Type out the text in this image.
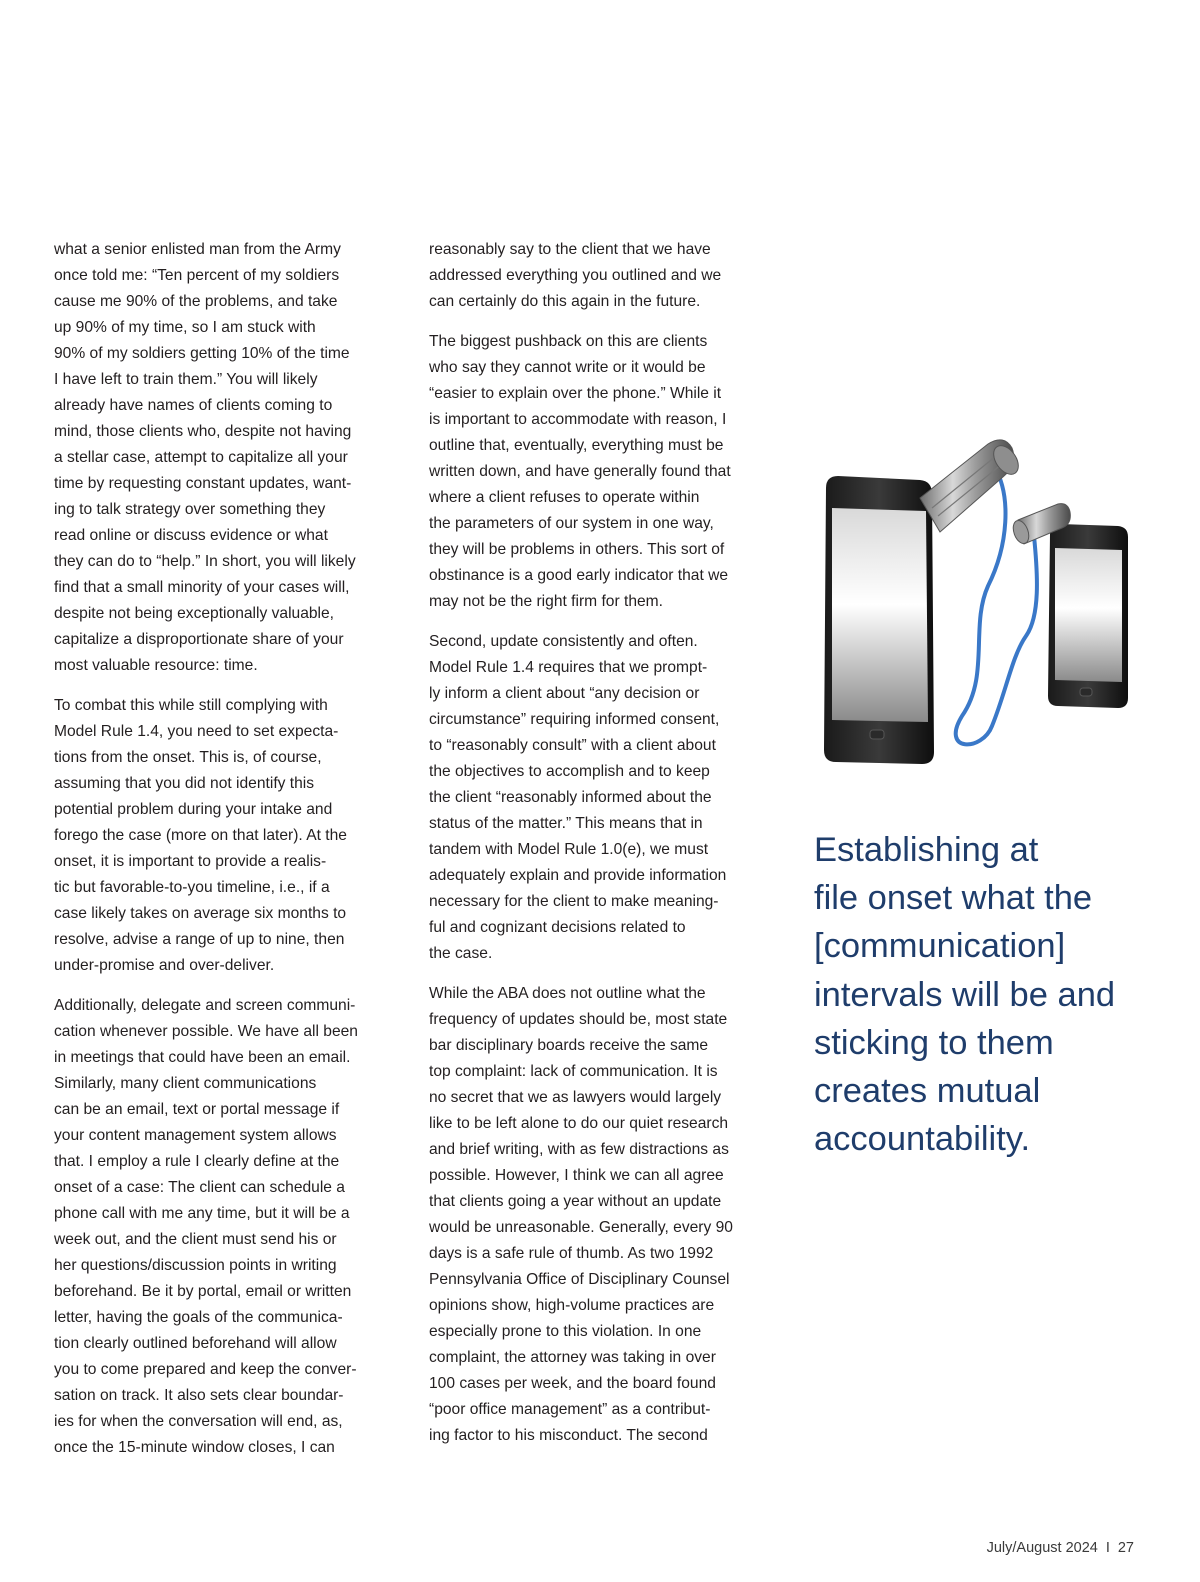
what a senior enlisted man from the Army
once told me: “Ten percent of my soldiers
cause me 90% of the problems, and take
up 90% of my time, so I am stuck with
90% of my soldiers getting 10% of the time
I have left to train them.” You will likely
already have names of clients coming to
mind, those clients who, despite not having
a stellar case, attempt to capitalize all your
time by requesting constant updates, want-
ing to talk strategy over something they
read online or discuss evidence or what
they can do to “help.” In short, you will likely
find that a small minority of your cases will,
despite not being exceptionally valuable,
capitalize a disproportionate share of your
most valuable resource: time.

To combat this while still complying with
Model Rule 1.4, you need to set expecta-
tions from the onset. This is, of course,
assuming that you did not identify this
potential problem during your intake and
forego the case (more on that later). At the
onset, it is important to provide a realis-
tic but favorable-to-you timeline, i.e., if a
case likely takes on average six months to
resolve, advise a range of up to nine, then
under-promise and over-deliver.

Additionally, delegate and screen communi-
cation whenever possible. We have all been
in meetings that could have been an email.
Similarly, many client communications
can be an email, text or portal message if
your content management system allows
that. I employ a rule I clearly define at the
onset of a case: The client can schedule a
phone call with me any time, but it will be a
week out, and the client must send his or
her questions/discussion points in writing
beforehand. Be it by portal, email or written
letter, having the goals of the communica-
tion clearly outlined beforehand will allow
you to come prepared and keep the conver-
sation on track. It also sets clear boundar-
ies for when the conversation will end, as,
once the 15-minute window closes, I can

reasonably say to the client that we have
addressed everything you outlined and we
can certainly do this again in the future.

The biggest pushback on this are clients
who say they cannot write or it would be
“easier to explain over the phone.” While it
is important to accommodate with reason, I
outline that, eventually, everything must be
written down, and have generally found that
where a client refuses to operate within
the parameters of our system in one way,
they will be problems in others. This sort of
obstinance is a good early indicator that we
may not be the right firm for them.

Second, update consistently and often.
Model Rule 1.4 requires that we prompt-
ly inform a client about “any decision or
circumstance” requiring informed consent,
to “reasonably consult” with a client about
the objectives to accomplish and to keep
the client “reasonably informed about the
status of the matter.” This means that in
tandem with Model Rule 1.0(e), we must
adequately explain and provide information
necessary for the client to make meaning-
ful and cognizant decisions related to
the case.

While the ABA does not outline what the
frequency of updates should be, most state
bar disciplinary boards receive the same
top complaint: lack of communication. It is
no secret that we as lawyers would largely
like to be left alone to do our quiet research
and brief writing, with as few distractions as
possible. However, I think we can all agree
that clients going a year without an update
would be unreasonable. Generally, every 90
days is a safe rule of thumb. As two 1992
Pennsylvania Office of Disciplinary Counsel
opinions show, high-volume practices are
especially prone to this violation. In one
complaint, the attorney was taking in over
100 cases per week, and the board found
“poor office management” as a contribut-
ing factor to his misconduct. The second

Establishing at
file onset what the
[communication]
intervals will be and
sticking to them
creates mutual
accountability.

July/August 2024 I 27
